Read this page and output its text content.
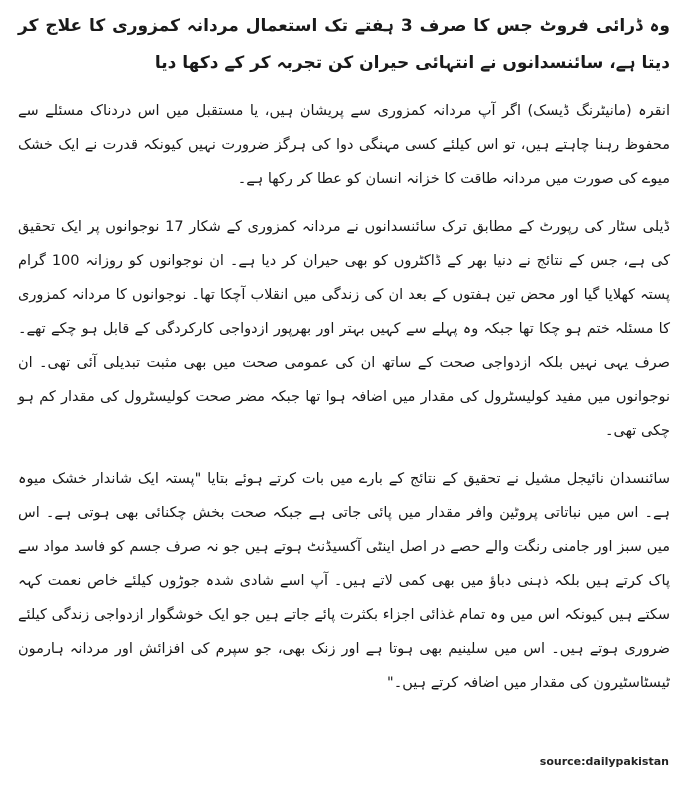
وہ ڈرائی فروٹ جس کا صرف 3 ہفتے تک استعمال مردانہ کمزوری کا علاج کر دیتا ہے، سائنسدانوں نے انتہائی حیران کن تجربہ کر کے دکھا دیا

انقرہ (مانیٹرنگ ڈیسک) اگر آپ مردانہ کمزوری سے پریشان ہیں، یا مستقبل میں اس دردناک مسئلے سے محفوظ رہنا چاہتے ہیں، تو اس کیلئے کسی مہنگی دوا کی ہرگز ضرورت نہیں کیونکہ قدرت نے ایک خشک میوے کی صورت میں مردانہ طاقت کا خزانہ انسان کو عطا کر رکھا ہے۔

ڈیلی سٹار کی رپورٹ کے مطابق ترک سائنسدانوں نے مردانہ کمزوری کے شکار 17 نوجوانوں پر ایک تحقیق کی ہے، جس کے نتائج نے دنیا بھر کے ڈاکٹروں کو بھی حیران کر دیا ہے۔ ان نوجوانوں کو روزانہ 100 گرام پستہ کھلایا گیا اور محض تین ہفتوں کے بعد ان کی زندگی میں انقلاب آچکا تھا۔ نوجوانوں کا مردانہ کمزوری کا مسئلہ ختم ہو چکا تھا جبکہ وہ پہلے سے کہیں بہتر اور بھرپور ازدواجی کارکردگی کے قابل ہو چکے تھے۔ صرف یہی نہیں بلکہ ازدواجی صحت کے ساتھ ان کی عمومی صحت میں بھی مثبت تبدیلی آئی تھی۔ ان نوجوانوں میں مفید کولیسٹرول کی مقدار میں اضافہ ہوا تھا جبکہ مضر صحت کولیسٹرول کی مقدار کم ہو چکی تھی۔

سائنسدان نائیجل مشیل نے تحقیق کے نتائج کے بارے میں بات کرتے ہوئے بتایا "پستہ ایک شاندار خشک میوہ ہے۔ اس میں نباتاتی پروٹین وافر مقدار میں پائی جاتی ہے جبکہ صحت بخش چکنائی بھی ہوتی ہے۔ اس میں سبز اور جامنی رنگت والے حصے در اصل اینٹی آکسیڈنٹ ہوتے ہیں جو نہ صرف جسم کو فاسد مواد سے پاک کرتے ہیں بلکہ ذہنی دباؤ میں بھی کمی لاتے ہیں۔ آپ اسے شادی شدہ جوڑوں کیلئے خاص نعمت کہہ سکتے ہیں کیونکہ اس میں وہ تمام غذائی اجزاء بکثرت پائے جاتے ہیں جو ایک خوشگوار ازدواجی زندگی کیلئے ضروری ہوتے ہیں۔ اس میں سلینیم بھی ہوتا ہے اور زنک بھی، جو سپرم کی افزائش اور مردانہ ہارمون ٹیسٹاسٹیرون کی مقدار میں اضافہ کرتے ہیں۔"

source:dailypakistan
